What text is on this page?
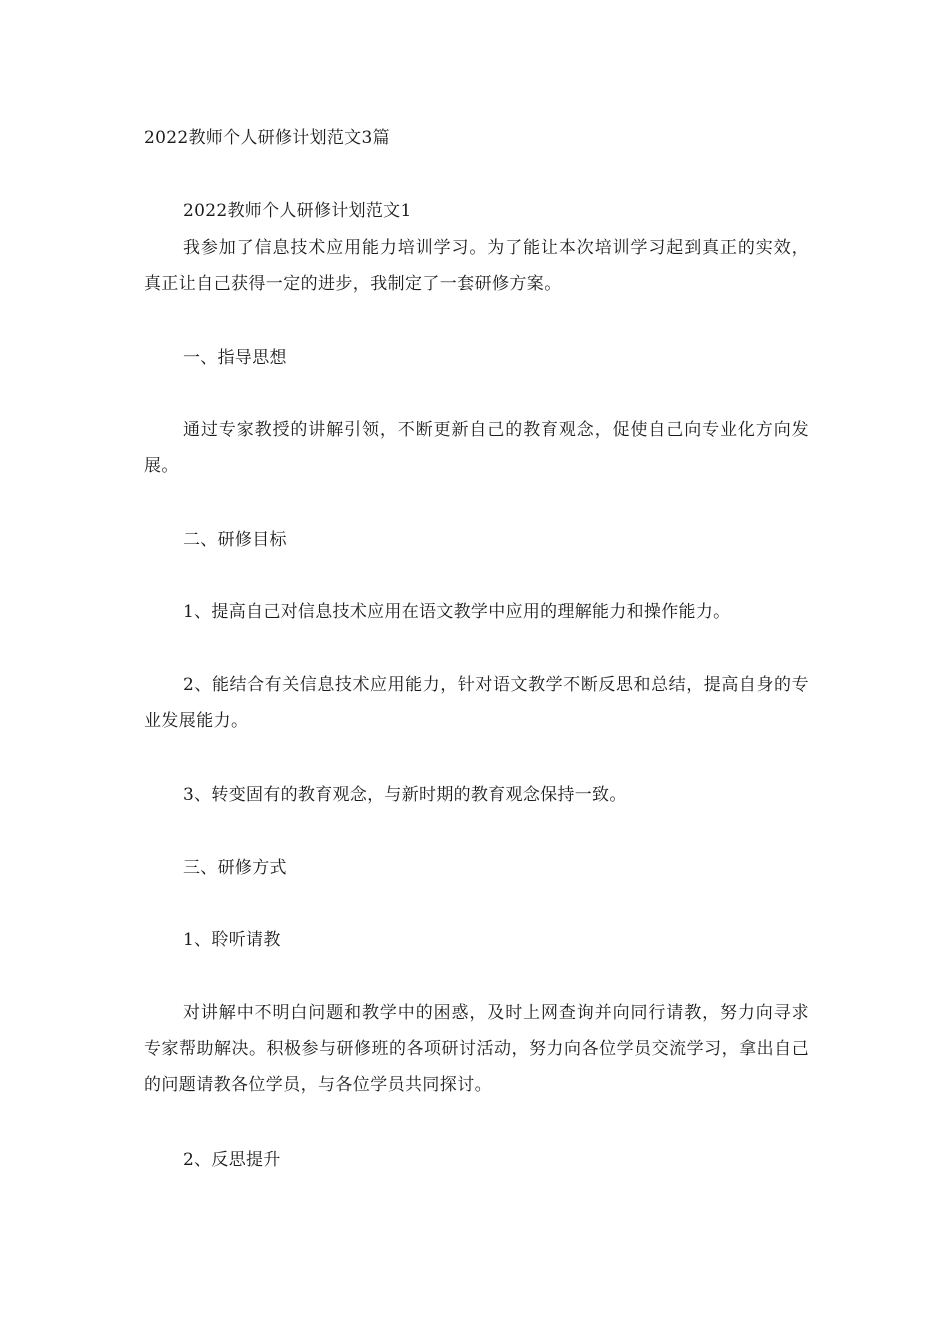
2022教师个人研修计划范文3篇
2022教师个人研修计划范文1
我参加了信息技术应用能力培训学习。为了能让本次培训学习起到真正的实效，真正让自己获得一定的进步，我制定了一套研修方案。
一、指导思想
通过专家教授的讲解引领，不断更新自己的教育观念，促使自己向专业化方向发展。
二、研修目标
1、提高自己对信息技术应用在语文教学中应用的理解能力和操作能力。
2、能结合有关信息技术应用能力，针对语文教学不断反思和总结，提高自身的专业发展能力。
3、转变固有的教育观念，与新时期的教育观念保持一致。
三、研修方式
1、聆听请教
对讲解中不明白问题和教学中的困惑，及时上网查询并向同行请教，努力向寻求专家帮助解决。积极参与研修班的各项研讨活动，努力向各位学员交流学习，拿出自己的问题请教各位学员，与各位学员共同探讨。
2、反思提升
